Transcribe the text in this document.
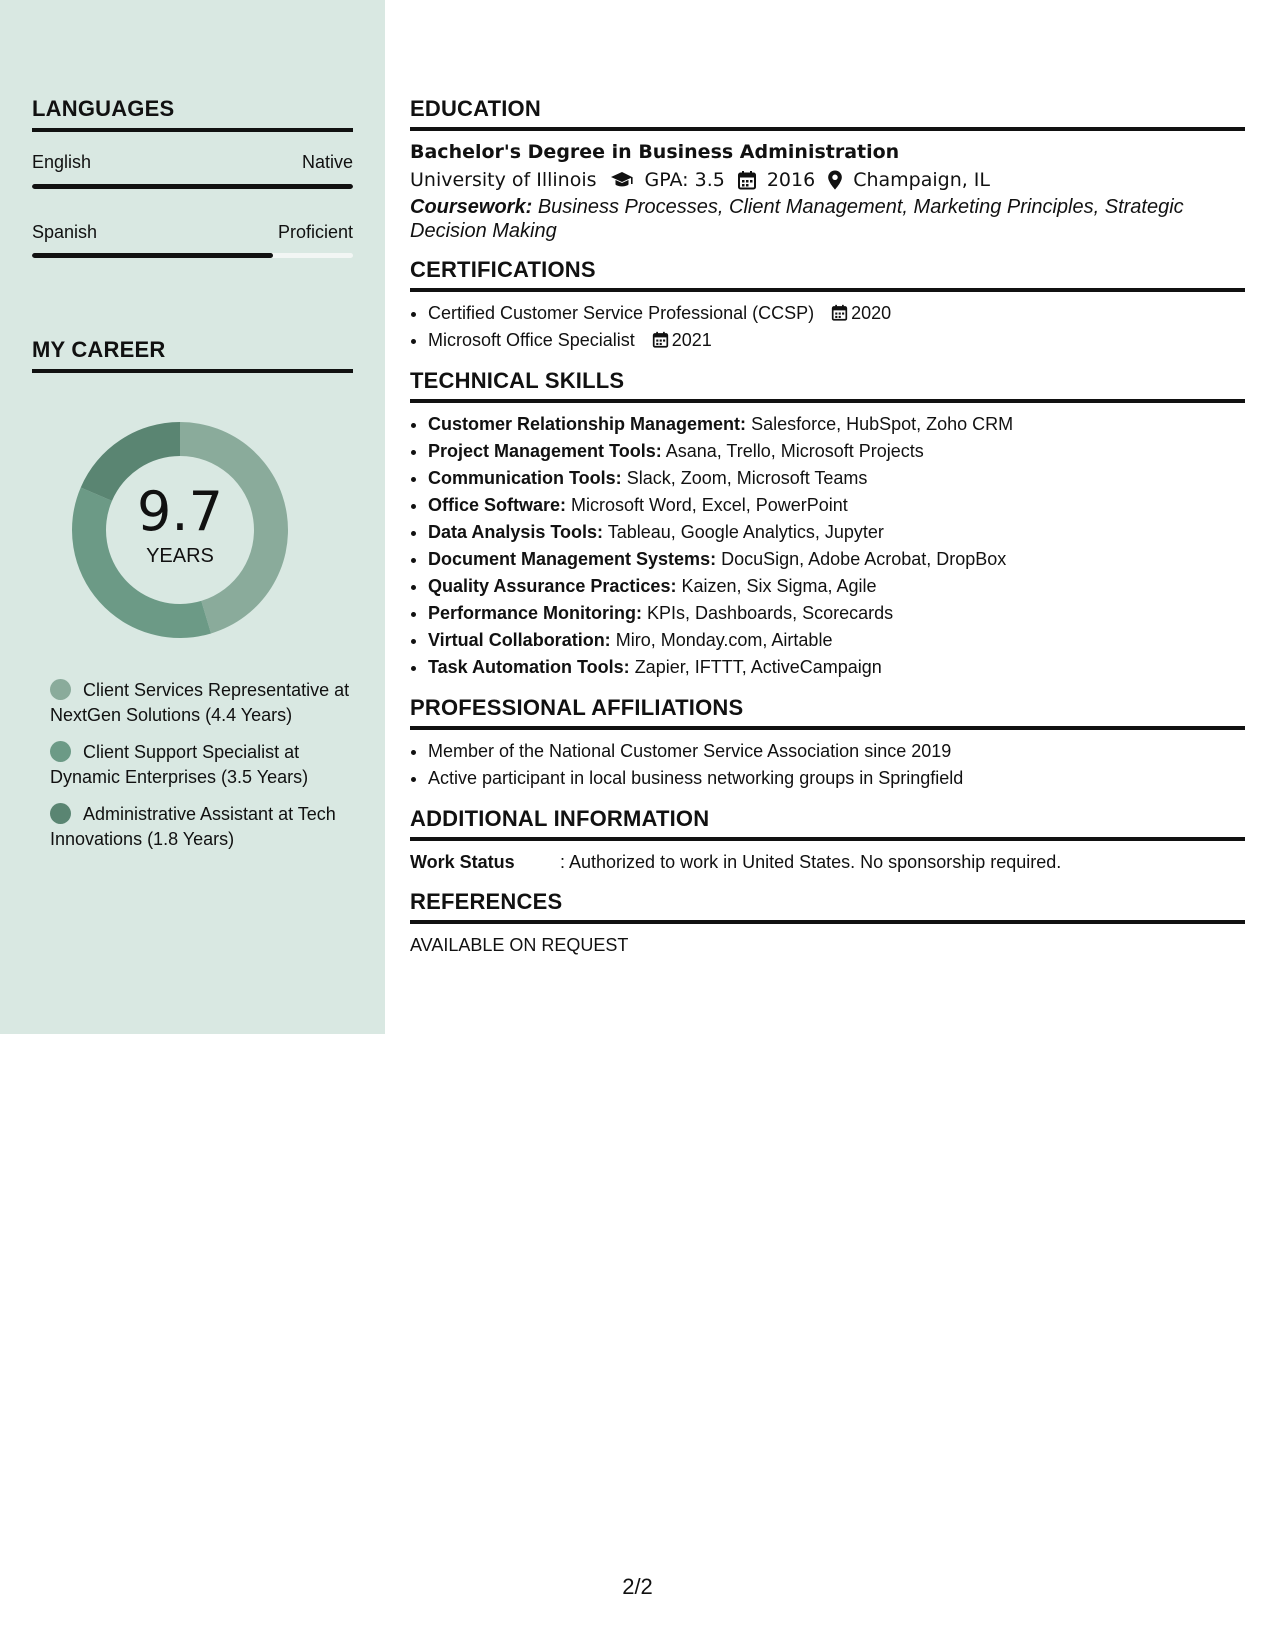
LANGUAGES
English	Native
Spanish	Proficient
MY CAREER
9.7
YEARS
Client Services Representative at NextGen Solutions (4.4 Years)
Client Support Specialist at Dynamic Enterprises (3.5 Years)
Administrative Assistant at Tech Innovations (1.8 Years)
EDUCATION
Bachelor's Degree in Business Administration
University of Illinois	GPA: 3.5 2016 Champaign, IL
Coursework: Business Processes, Client Management, Marketing Principles, Strategic Decision Making
CERTIFICATIONS
• Certified Customer Service Professional (CCSP) 2020
• Microsoft Office Specialist 2021
TECHNICAL SKILLS
• Customer Relationship Management: Salesforce, HubSpot, Zoho CRM
• Project Management Tools: Asana, Trello, Microsoft Projects
• Communication Tools: Slack, Zoom, Microsoft Teams
• Office Software: Microsoft Word, Excel, PowerPoint
• Data Analysis Tools: Tableau, Google Analytics, Jupyter
• Document Management Systems: DocuSign, Adobe Acrobat, DropBox
• Quality Assurance Practices: Kaizen, Six Sigma, Agile
• Performance Monitoring: KPIs, Dashboards, Scorecards
• Virtual Collaboration: Miro, Monday.com, Airtable
• Task Automation Tools: Zapier, IFTTT, ActiveCampaign
PROFESSIONAL AFFILIATIONS
• Member of the National Customer Service Association since 2019
• Active participant in local business networking groups in Springfield
ADDITIONAL INFORMATION
Work Status	: Authorized to work in United States. No sponsorship required.
REFERENCES
AVAILABLE ON REQUEST
2/2
